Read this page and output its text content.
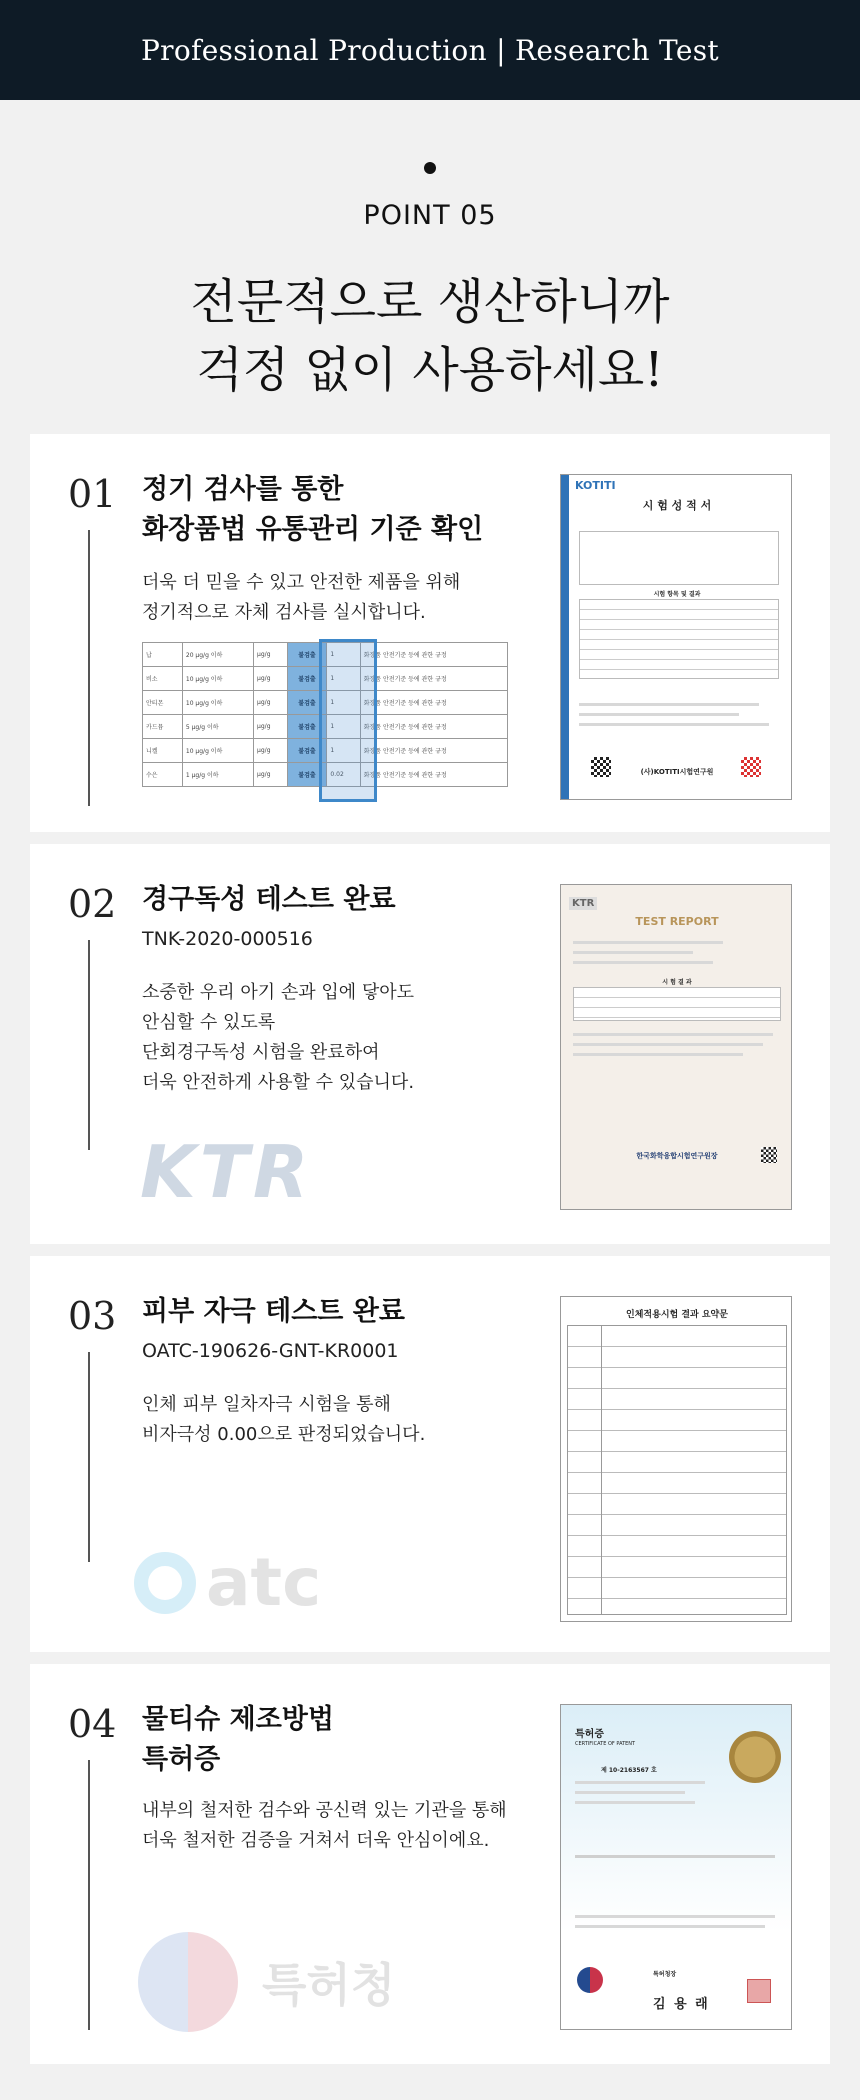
Professional Production | Research Test
POINT 05
전문적으로 생산하니까
걱정 없이 사용하세요!
01 정기 검사를 통한
화장품법 유통관리 기준 확인
더욱 더 믿을 수 있고 안전한 제품을 위해
정기적으로 자체 검사를 실시합니다.
납	20 µg/g 이하	µg/g	불검출	1	화장품 안전기준 등에 관한 규정
비소	10 µg/g 이하	µg/g	불검출	1	화장품 안전기준 등에 관한 규정
안티몬	10 µg/g 이하	µg/g	불검출	1	화장품 안전기준 등에 관한 규정
카드뮴	5 µg/g 이하	µg/g	불검출	1	화장품 안전기준 등에 관한 규정
니켈	10 µg/g 이하	µg/g	불검출	1	화장품 안전기준 등에 관한 규정
수은	1 µg/g 이하	µg/g	불검출	0.02	화장품 안전기준 등에 관한 규정
KOTITI
시 험 성 적 서
시험 항목 및 결과
(사)KOTITI시험연구원
02 경구독성 테스트 완료
TNK-2020-000516
소중한 우리 아기 손과 입에 닿아도
안심할 수 있도록
단회경구독성 시험을 완료하여
더욱 안전하게 사용할 수 있습니다.
KTR
KTR
TEST REPORT
시 험 결 과
한국화학융합시험연구원장
03 피부 자극 테스트 완료
OATC-190626-GNT-KR0001
인체 피부 일차자극 시험을 통해
비자극성 0.00으로 판정되었습니다.
atc
인체적용시험 결과 요약문
04 물티슈 제조방법
특허증
내부의 철저한 검수와 공신력 있는 기관을 통해
더욱 철저한 검증을 거쳐서 더욱 안심이에요.
특허청
특허증
CERTIFICATE OF PATENT
제 10-2163567 호
특허청장
김 용 래
